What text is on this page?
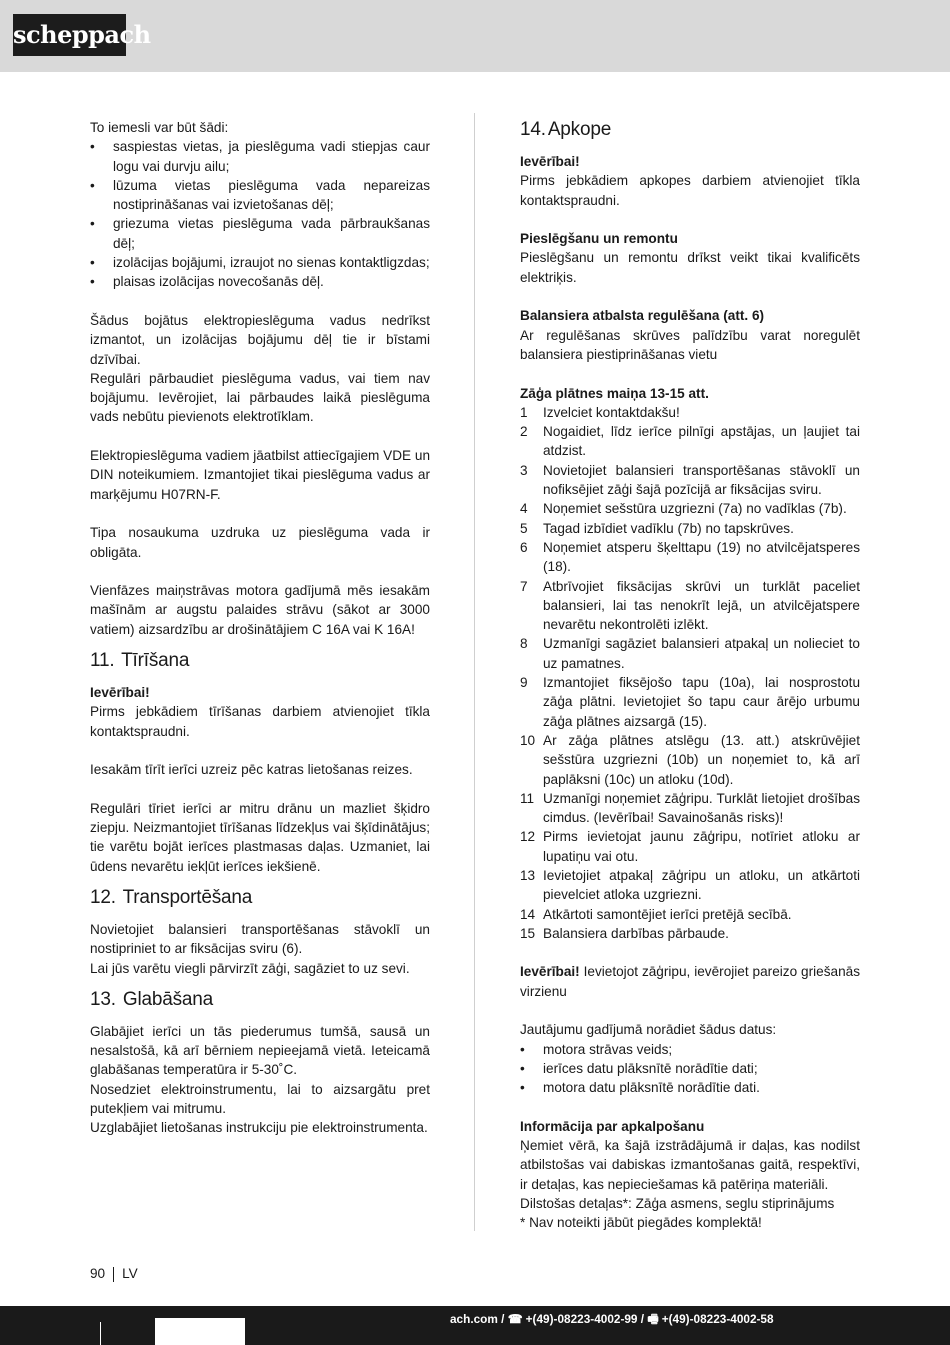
scheppach

To iemesli var būt šādi:

• saspiestas vietas, ja pieslēguma vadi stiepjas caur logu vai durvju ailu;
• lūzuma vietas pieslēguma vada nepareizas nostiprināšanas vai izvietošanas dēļ;
• griezuma vietas pieslēguma vada pārbraukšanas dēļ;
• izolācijas bojājumi, izraujot no sienas kontaktligzdas;
• plaisas izolācijas novecošanās dēļ.

Šādus bojātus elektropieslēguma vadus nedrīkst izmantot, un izolācijas bojājumu dēļ tie ir bīstami dzīvībai.

Regulāri pārbaudiet pieslēguma vadus, vai tiem nav bojājumu. Ievērojiet, lai pārbaudes laikā pieslēguma vads nebūtu pievienots elektrotīklam.

Elektropieslēguma vadiem jāatbilst attiecīgajiem VDE un DIN noteikumiem. Izmantojiet tikai pieslēguma vadus ar marķējumu H07RN-F.

Tipa nosaukuma uzdruka uz pieslēguma vada ir obligāta.

Vienfāzes maiņstrāvas motora gadījumā mēs iesakām mašīnām ar augstu palaides strāvu (sākot ar 3000 vatiem) aizsardzību ar drošinātājiem C 16A vai K 16A!

11. Tīrīšana

Ievērībai!

Pirms jebkādiem tīrīšanas darbiem atvienojiet tīkla kontaktspraudni.

Iesakām tīrīt ierīci uzreiz pēc katras lietošanas reizes.

Regulāri tīriet ierīci ar mitru drānu un mazliet šķidro ziepju. Neizmantojiet tīrīšanas līdzekļus vai šķīdinātājus; tie varētu bojāt ierīces plastmasas daļas. Uzmaniet, lai ūdens nevarētu iekļūt ierīces iekšienē.

12. Transportēšana

Novietojiet balansieri transportēšanas stāvoklī un nostipriniet to ar fiksācijas sviru (6).

Lai jūs varētu viegli pārvirzīt zāģi, sagāziet to uz sevi.

13. Glabāšana

Glabājiet ierīci un tās piederumus tumšā, sausā un nesalstošā, kā arī bērniem nepieejamā vietā. Ieteicamā glabāšanas temperatūra ir 5-30˚C.

Nosedziet elektroinstrumentu, lai to aizsargātu pret putekļiem vai mitrumu.

Uzglabājiet lietošanas instrukciju pie elektroinstrumenta.

14. Apkope

Ievērībai!

Pirms jebkādiem apkopes darbiem atvienojiet tīkla kontaktspraudni.

Pieslēgšanu un remontu

Pieslēgšanu un remontu drīkst veikt tikai kvalificēts elektriķis.

Balansiera atbalsta regulēšana (att. 6)

Ar regulēšanas skrūves palīdzību varat noregulēt balansiera piestiprināšanas vietu

Zāģa plātnes maiņa 13-15 att.

1 Izvelciet kontaktdakšu!
2 Nogaidiet, līdz ierīce pilnīgi apstājas, un ļaujiet tai atdzist.
3 Novietojiet balansieri transportēšanas stāvoklī un nofiksējiet zāģi šajā pozīcijā ar fiksācijas sviru.
4 Noņemiet sešstūra uzgriezni (7a) no vadīklas (7b).
5 Tagad izbīdiet vadīklu (7b) no tapskrūves.
6 Noņemiet atsperu šķelttapu (19) no atvilcējatsperes (18).
7 Atbrīvojiet fiksācijas skrūvi un turklāt paceliet balansieri, lai tas nenokrīt lejā, un atvilcējatspere nevarētu nekontrolēti izlēkt.
8 Uzmanīgi sagāziet balansieri atpakaļ un nolieciet to uz pamatnes.
9 Izmantojiet fiksējošo tapu (10a), lai nosprostotu zāģa plātni. Ievietojiet šo tapu caur ārējo urbumu zāģa plātnes aizsargā (15).
10 Ar zāģa plātnes atslēgu (13. att.) atskrūvējiet sešstūra uzgriezni (10b) un noņemiet to, kā arī paplāksni (10c) un atloku (10d).
11 Uzmanīgi noņemiet zāģripu. Turklāt lietojiet drošības cimdus. (Ievērībai! Savainošanās risks)!
12 Pirms ievietojat jaunu zāģripu, notīriet atloku ar lupatiņu vai otu.
13 Ievietojiet atpakaļ zāģripu un atloku, un atkārtoti pievelciet atloka uzgriezni.
14 Atkārtoti samontējiet ierīci pretējā secībā.
15 Balansiera darbības pārbaude.

Ievērībai! Ievietojot zāģripu, ievērojiet pareizo griešanās virzienu

Jautājumu gadījumā norādiet šādus datus:

• motora strāvas veids;
• ierīces datu plāksnītē norādītie dati;
• motora datu plāksnītē norādītie dati.

Informācija par apkalpošanu

Ņemiet vērā, ka šajā izstrādājumā ir daļas, kas nodilst atbilstošas vai dabiskas izmantošanas gaitā, respektīvi, ir detaļas, kas nepieciešamas kā patēriņa materiāli.

Dilstošas detaļas*: Zāģa asmens, seglu stiprinājums

* Nav noteikti jābūt piegādes komplektā!

90 LV
ach.com / ☎ +(49)-08223-4002-99 / 🖷 +(49)-08223-4002-58
